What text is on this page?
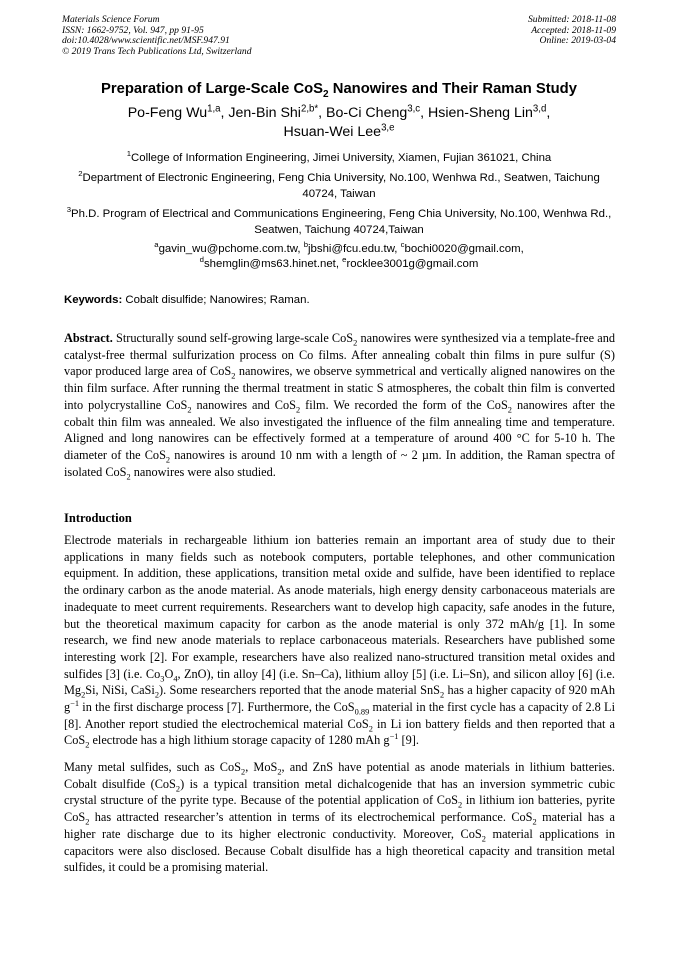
Materials Science Forum
ISSN: 1662-9752, Vol. 947, pp 91-95
doi:10.4028/www.scientific.net/MSF.947.91
© 2019 Trans Tech Publications Ltd, Switzerland
Submitted: 2018-11-08
Accepted: 2018-11-09
Online: 2019-03-04
Preparation of Large-Scale CoS$_2$ Nanowires and Their Raman Study
Po-Feng Wu$^{1,a}$, Jen-Bin Shi$^{2,b*}$, Bo-Ci Cheng$^{3,c}$, Hsien-Sheng Lin$^{3,d}$,
Hsuan-Wei Lee$^{3,e}$
$^1$College of Information Engineering, Jimei University, Xiamen, Fujian 361021, China
$^2$Department of Electronic Engineering, Feng Chia University, No.100, Wenhwa Rd., Seatwen, Taichung 40724, Taiwan
$^3$Ph.D. Program of Electrical and Communications Engineering, Feng Chia University, No.100, Wenhwa Rd., Seatwen, Taichung 40724,Taiwan
$^a$gavin_wu@pchome.com.tw, $^b$jbshi@fcu.edu.tw, $^c$bochi0020@gmail.com,
$^d$shemglin@ms63.hinet.net, $^e$rocklee3001g@gmail.com
Keywords: Cobalt disulfide; Nanowires; Raman.

Abstract. Structurally sound self-growing large-scale CoS$_2$ nanowires were synthesized via a template-free and catalyst-free thermal sulfurization process on Co films. After annealing cobalt thin films in pure sulfur (S) vapor produced large area of CoS$_2$ nanowires, we observe symmetrical and vertically aligned nanowires on the thin film surface. After running the thermal treatment in static S atmospheres, the cobalt thin film is converted into polycrystalline CoS$_2$ nanowires and CoS$_2$ film. We recorded the form of the CoS$_2$ nanowires after the cobalt thin film was annealed. We also investigated the influence of the film annealing time and temperature. Aligned and long nanowires can be effectively formed at a temperature of around 400 °C for 5-10 h. The diameter of the CoS$_2$ nanowires is around 10 nm with a length of ~ 2 µm. In addition, the Raman spectra of isolated CoS$_2$ nanowires were also studied.

Introduction

Electrode materials in rechargeable lithium ion batteries remain an important area of study due to their applications in many fields such as notebook computers, portable telephones, and other communication equipment. In addition, these applications, transition metal oxide and sulfide, have been identified to replace the ordinary carbon as the anode material. As anode materials, high energy density carbonaceous materials are inadequate to meet current requirements. Researchers want to develop high capacity, safe anodes in the future, but the theoretical maximum capacity for carbon as the anode material is only 372 mAh/g [1]. In some research, we find new anode materials to replace carbonaceous materials. Researchers have published some interesting work [2]. For example, researchers have also realized nano-structured transition metal oxides and sulfides [3] (i.e. $Co_3O_4$, ZnO), tin alloy [4] (i.e. Sn–Ca), lithium alloy [5] (i.e. Li–Sn), and silicon alloy [6] (i.e. $Mg_2Si$, NiSi, CaSi$_2$). Some researchers reported that the anode material SnS$_2$ has a higher capacity of 920 mAh $g^{-1}$ in the first discharge process [7]. Furthermore, the CoS$_{0.89}$ material in the first cycle has a capacity of 2.8 Li [8]. Another report studied the electrochemical material CoS$_2$ in Li ion battery fields and then reported that a CoS$_2$ electrode has a high lithium storage capacity of 1280 mAh $g^{-1}$ [9].

Many metal sulfides, such as CoS$_2$, MoS$_2$, and ZnS have potential as anode materials in lithium batteries. Cobalt disulfide (CoS$_2$) is a typical transition metal dichalcogenide that has an inversion symmetric cubic crystal structure of the pyrite type. Because of the potential application of CoS$_2$ in lithium ion batteries, pyrite CoS$_2$ has attracted researcher’s attention in terms of its electrochemical performance. CoS$_2$ material has a higher rate discharge due to its higher electronic conductivity. Moreover, CoS$_2$ material applications in capacitors were also disclosed. Because Cobalt disulfide has a high theoretical capacity and transition metal sulfides, it could be a promising material.
